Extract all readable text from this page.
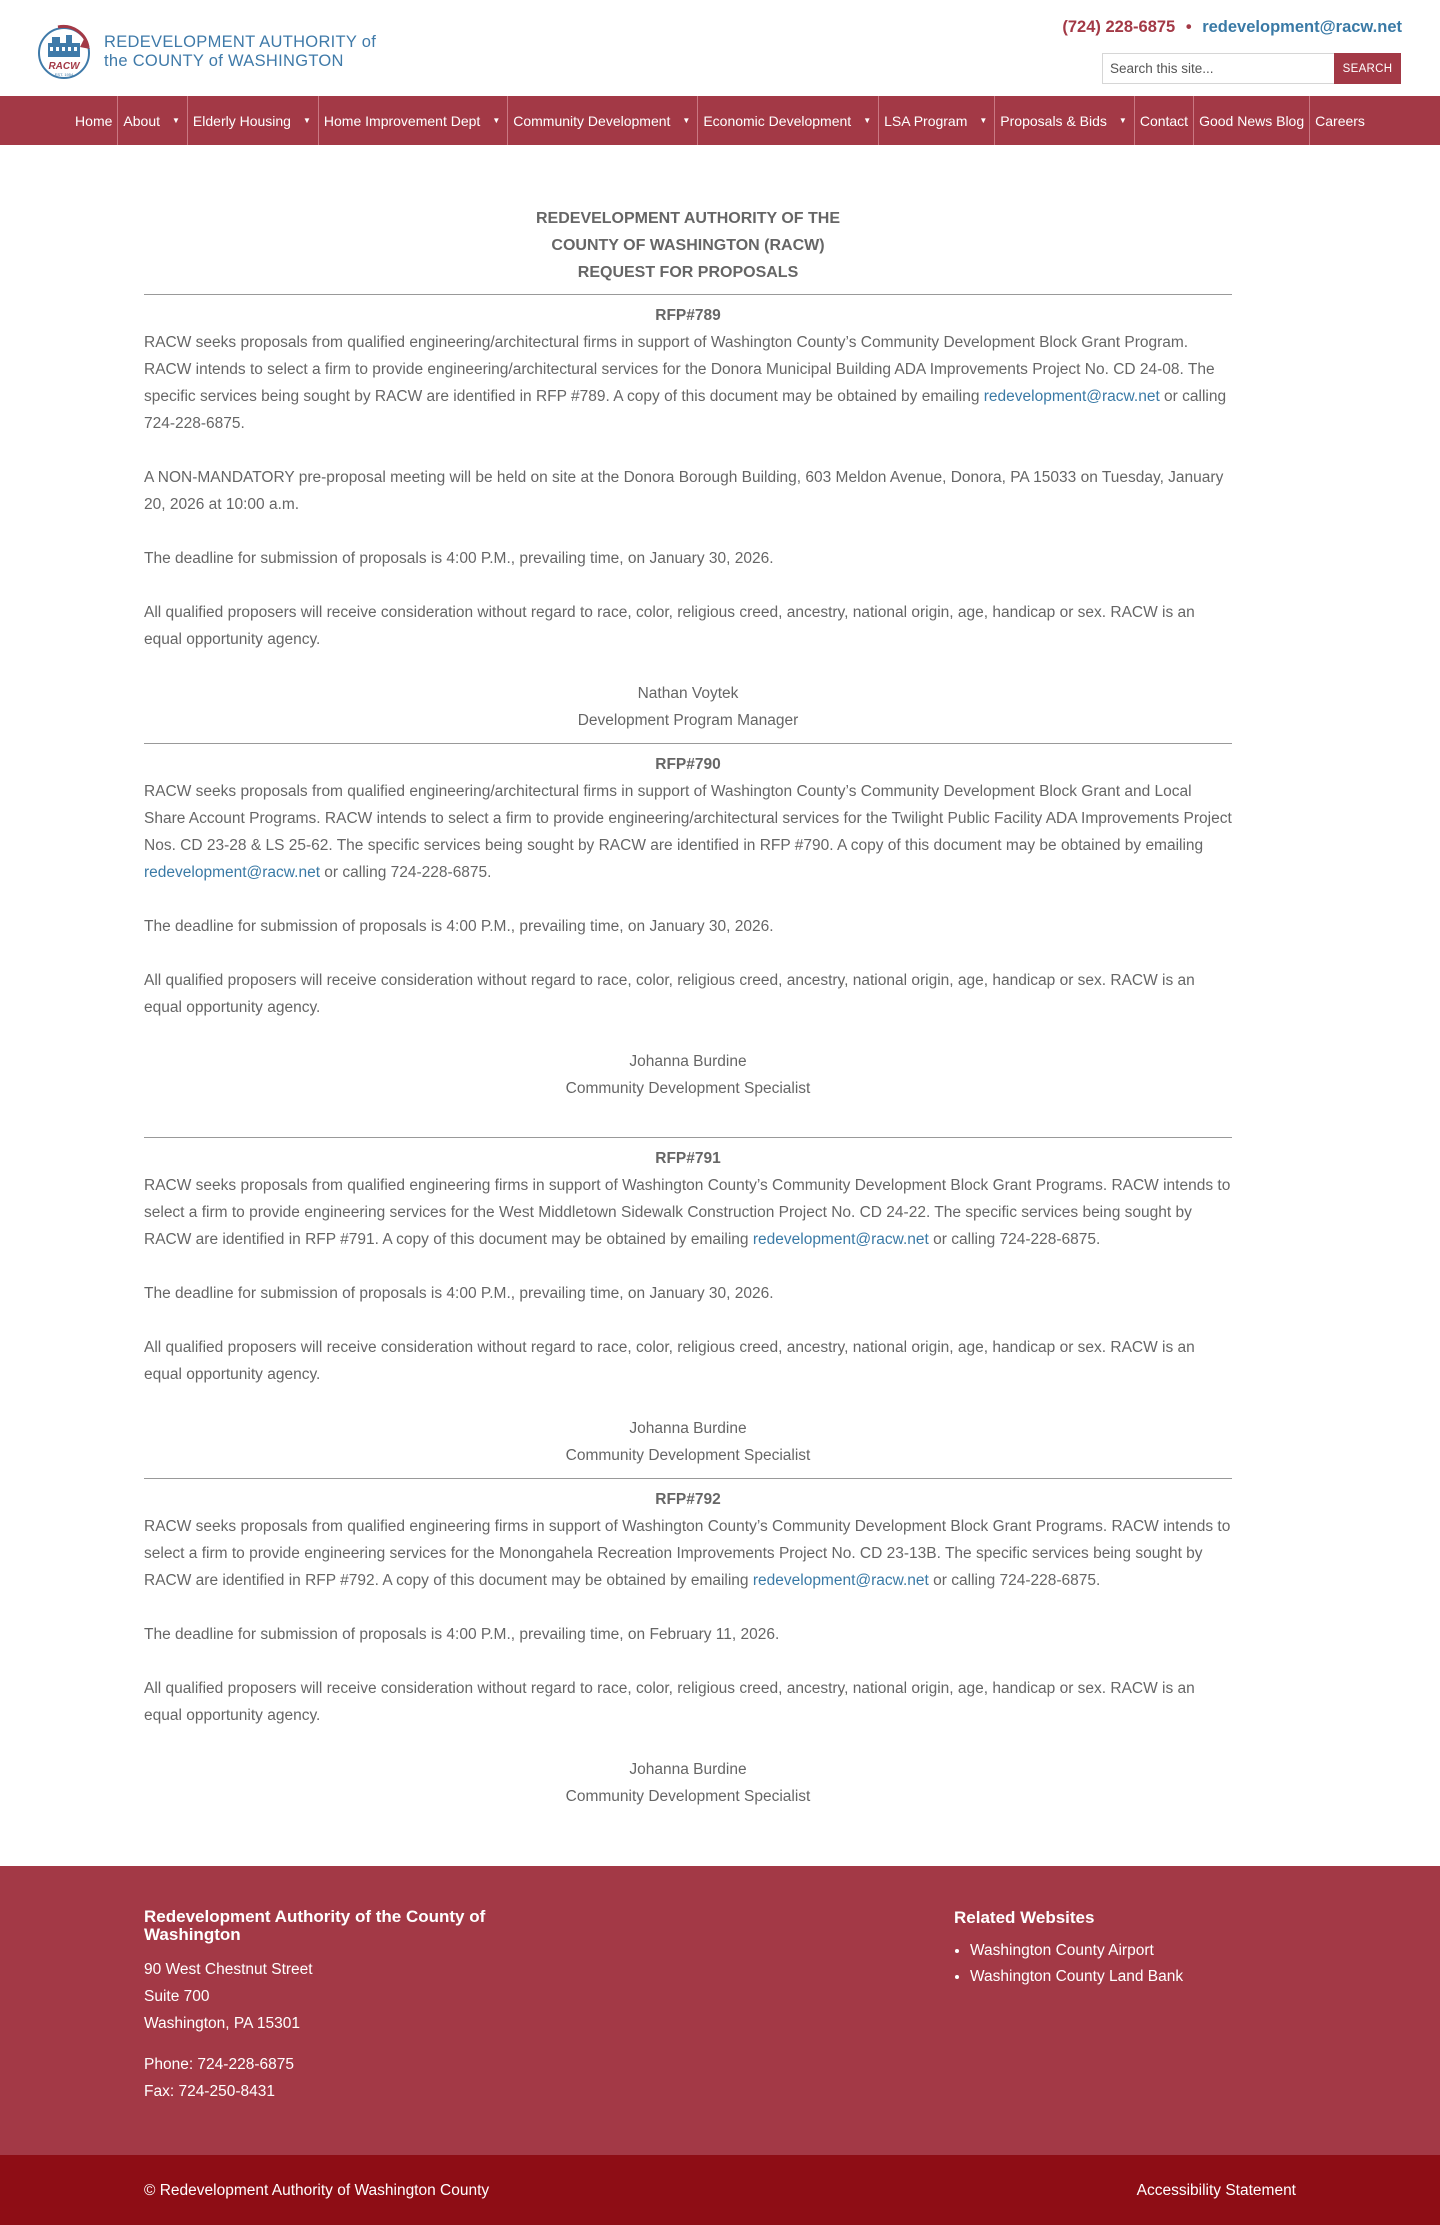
RACW
EST. 1954
REDEVELOPMENT AUTHORITY of
the COUNTY of WASHINGTON
(724) 228-6875 • redevelopment@racw.net
Search this site...
SEARCH
Home About ▼ Elderly Housing ▼ Home Improvement Dept ▼ Community Development ▼ Economic Development ▼ LSA Program ▼ Proposals & Bids ▼ Contact Good News Blog Careers
REDEVELOPMENT AUTHORITY OF THE
COUNTY OF WASHINGTON (RACW)
REQUEST FOR PROPOSALS
RFP#789

RACW seeks proposals from qualified engineering/architectural firms in support of Washington County’s Community Development Block Grant Program. RACW intends to select a firm to provide engineering/architectural services for the Donora Municipal Building ADA Improvements Project No. CD 24-08. The specific services being sought by RACW are identified in RFP #789. A copy of this document may be obtained by emailing redevelopment@racw.net or calling 724-228-6875.

A NON-MANDATORY pre-proposal meeting will be held on site at the Donora Borough Building, 603 Meldon Avenue, Donora, PA 15033 on Tuesday, January 20, 2026 at 10:00 a.m.

The deadline for submission of proposals is 4:00 P.M., prevailing time, on January 30, 2026.

All qualified proposers will receive consideration without regard to race, color, religious creed, ancestry, national origin, age, handicap or sex. RACW is an equal opportunity agency.

Nathan Voytek
Development Program Manager
RFP#790

RACW seeks proposals from qualified engineering/architectural firms in support of Washington County’s Community Development Block Grant and Local Share Account Programs. RACW intends to select a firm to provide engineering/architectural services for the Twilight Public Facility ADA Improvements Project Nos. CD 23-28 & LS 25-62. The specific services being sought by RACW are identified in RFP #790. A copy of this document may be obtained by emailing redevelopment@racw.net or calling 724-228-6875.

The deadline for submission of proposals is 4:00 P.M., prevailing time, on January 30, 2026.

All qualified proposers will receive consideration without regard to race, color, religious creed, ancestry, national origin, age, handicap or sex. RACW is an equal opportunity agency.

Johanna Burdine
Community Development Specialist
RFP#791

RACW seeks proposals from qualified engineering firms in support of Washington County’s Community Development Block Grant Programs. RACW intends to select a firm to provide engineering services for the West Middletown Sidewalk Construction Project No. CD 24-22. The specific services being sought by RACW are identified in RFP #791. A copy of this document may be obtained by emailing redevelopment@racw.net or calling 724-228-6875.

The deadline for submission of proposals is 4:00 P.M., prevailing time, on January 30, 2026.

All qualified proposers will receive consideration without regard to race, color, religious creed, ancestry, national origin, age, handicap or sex. RACW is an equal opportunity agency.

Johanna Burdine
Community Development Specialist
RFP#792

RACW seeks proposals from qualified engineering firms in support of Washington County’s Community Development Block Grant Programs. RACW intends to select a firm to provide engineering services for the Monongahela Recreation Improvements Project No. CD 23-13B. The specific services being sought by RACW are identified in RFP #792. A copy of this document may be obtained by emailing redevelopment@racw.net or calling 724-228-6875.

The deadline for submission of proposals is 4:00 P.M., prevailing time, on February 11, 2026.

All qualified proposers will receive consideration without regard to race, color, religious creed, ancestry, national origin, age, handicap or sex. RACW is an equal opportunity agency.

Johanna Burdine
Community Development Specialist
Redevelopment Authority of the County of Washington
90 West Chestnut Street
Suite 700
Washington, PA 15301
Phone: 724-228-6875
Fax: 724-250-8431
Related Websites
• Washington County Airport
• Washington County Land Bank
© Redevelopment Authority of Washington County	Accessibility Statement
